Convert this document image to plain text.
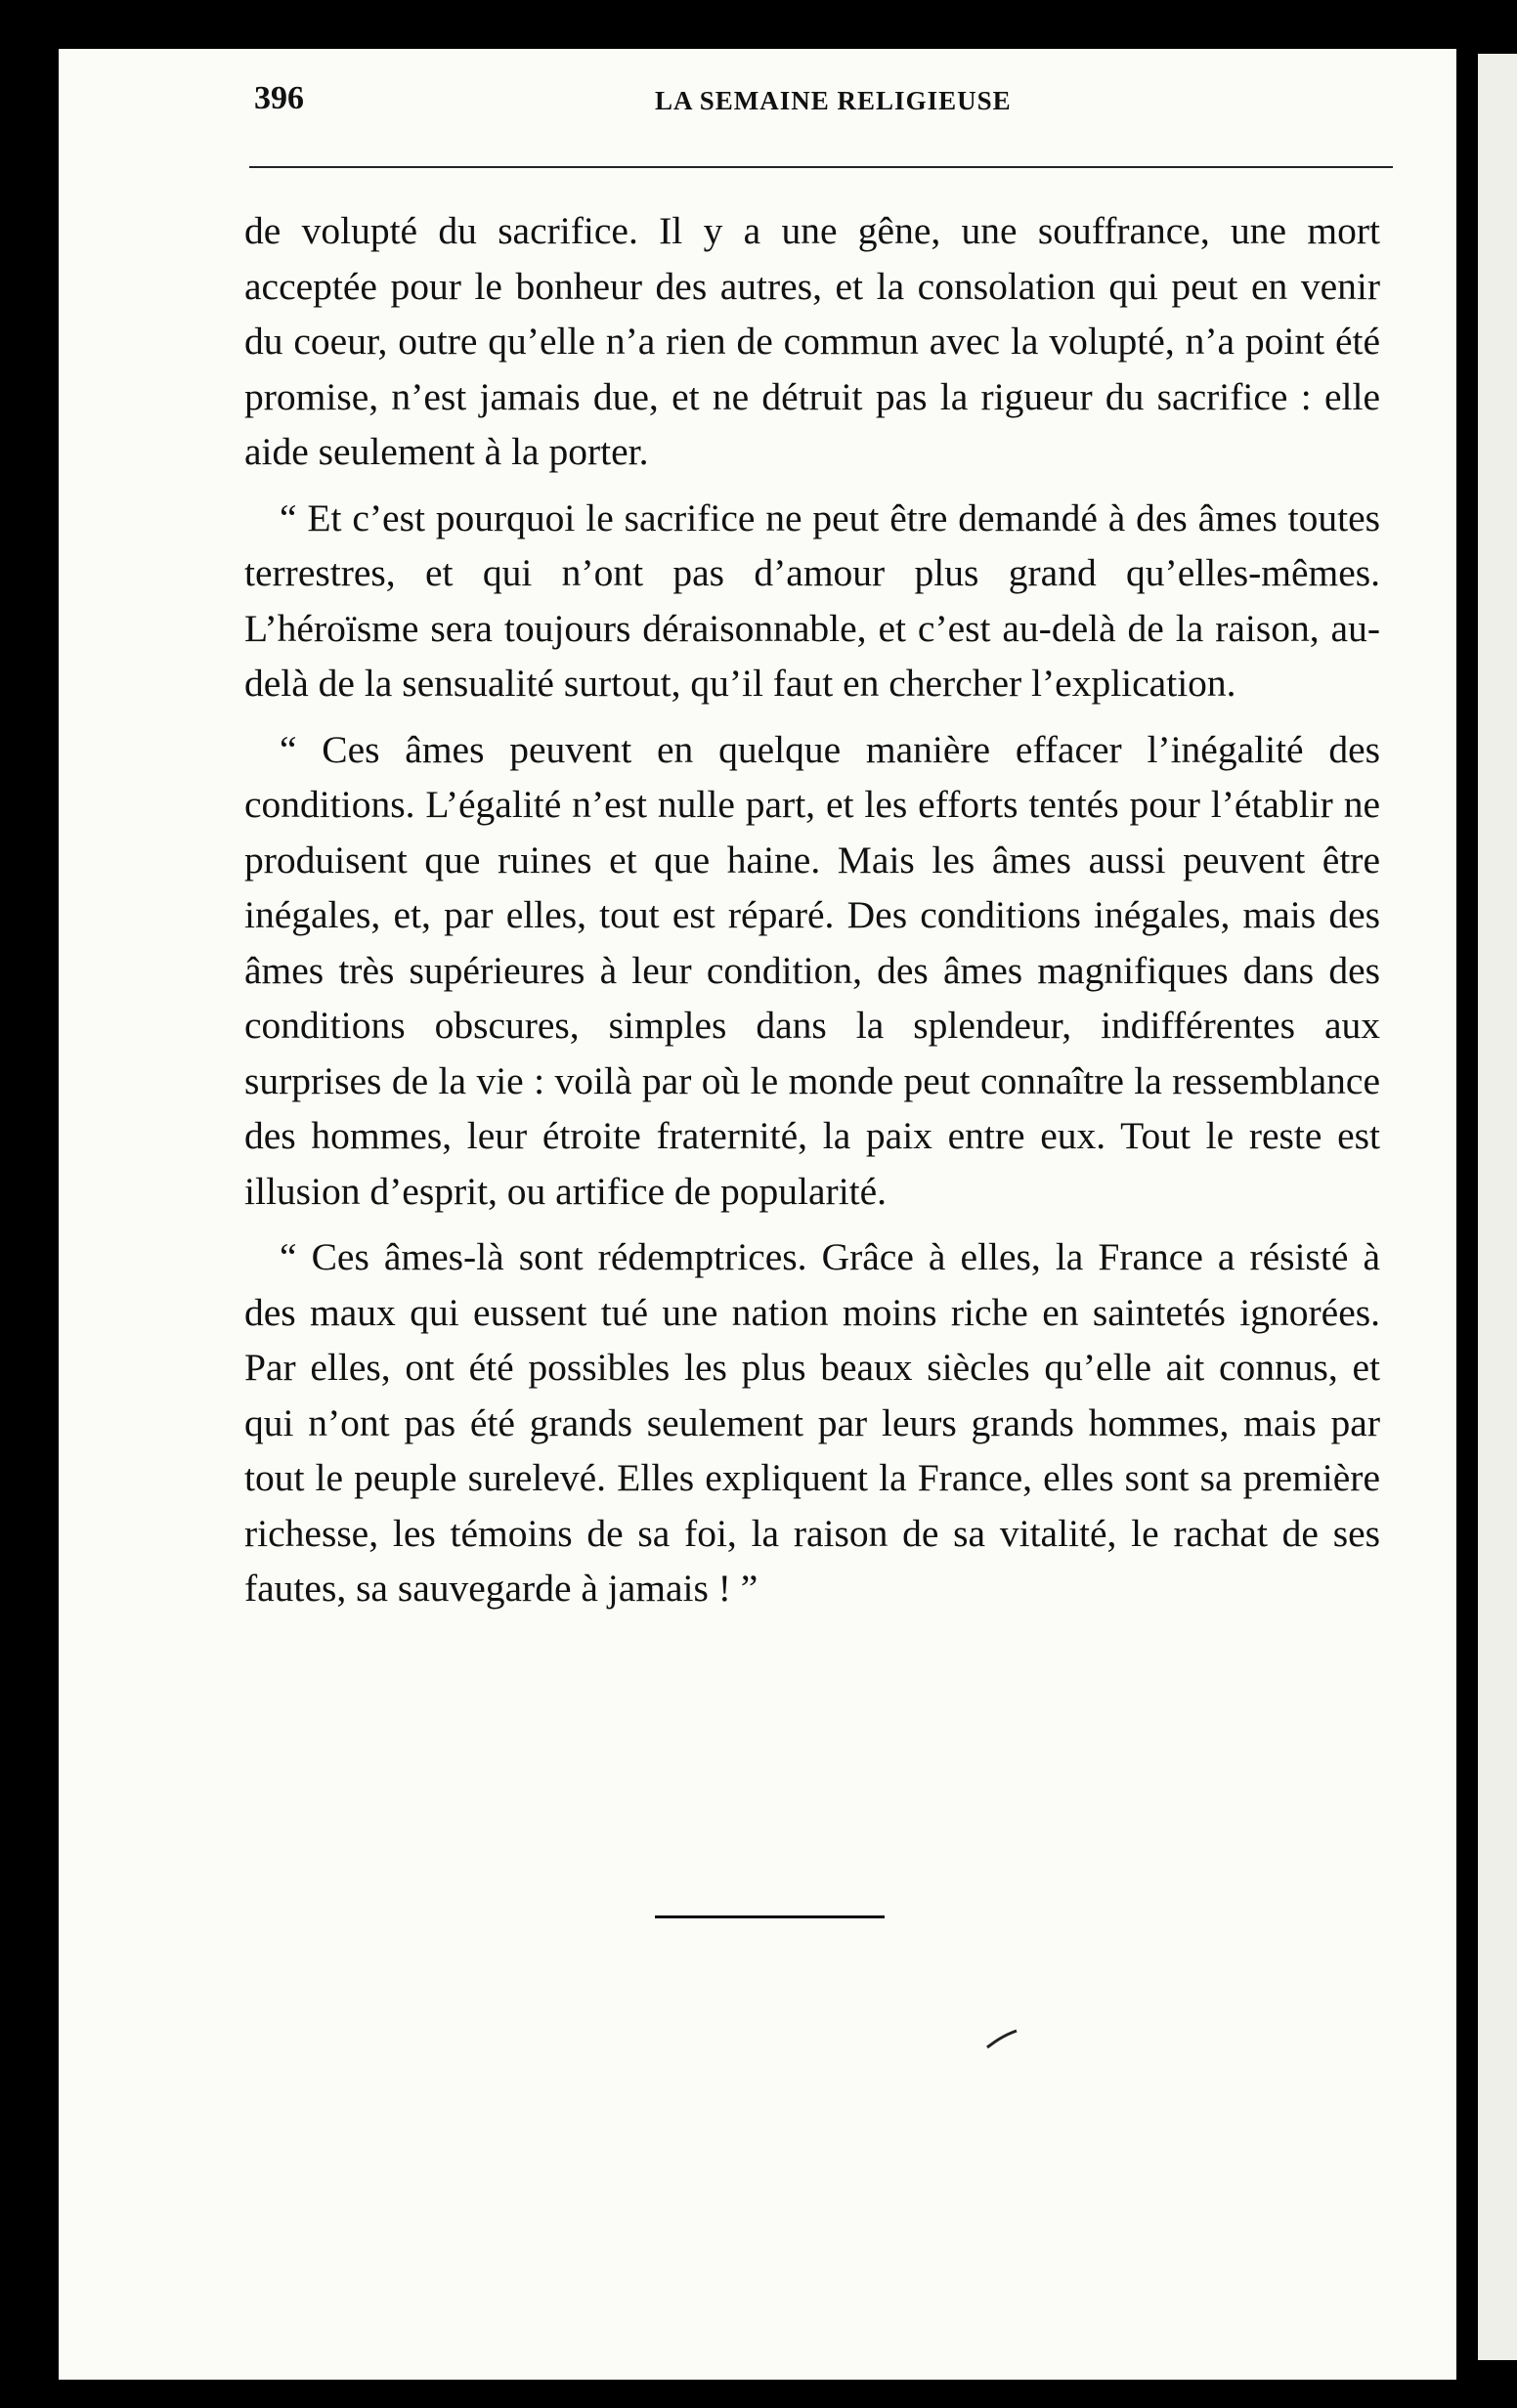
396	LA SEMAINE RELIGIEUSE

de volupté du sacrifice. Il y a une gêne, une souffrance, une mort acceptée pour le bonheur des autres, et la consolation qui peut en venir du coeur, outre qu’elle n’a rien de commun avec la volupté, n’a point été promise, n’est jamais due, et ne détruit pas la rigueur du sacrifice : elle aide seulement à la porter.

“ Et c’est pourquoi le sacrifice ne peut être demandé à des âmes toutes terrestres, et qui n’ont pas d’amour plus grand qu’elles-mêmes. L’héroïsme sera toujours déraisonnable, et c’est au-delà de la raison, au-delà de la sensualité surtout, qu’il faut en chercher l’explication.

“ Ces âmes peuvent en quelque manière effacer l’inégalité des conditions. L’égalité n’est nulle part, et les efforts tentés pour l’établir ne produisent que ruines et que haine. Mais les âmes aussi peuvent être inégales, et, par elles, tout est réparé. Des conditions inégales, mais des âmes très supérieures à leur condition, des âmes magnifiques dans des conditions obscures, simples dans la splendeur, indifférentes aux surprises de la vie : voilà par où le monde peut connaître la ressemblance des hommes, leur étroite fraternité, la paix entre eux. Tout le reste est illusion d’esprit, ou artifice de popularité.

“ Ces âmes-là sont rédemptrices. Grâce à elles, la France a résisté à des maux qui eussent tué une nation moins riche en saintetés ignorées. Par elles, ont été possibles les plus beaux siècles qu’elle ait connus, et qui n’ont pas été grands seulement par leurs grands hommes, mais par tout le peuple surelevé. Elles expliquent la France, elles sont sa première richesse, les témoins de sa foi, la raison de sa vitalité, le rachat de ses fautes, sa sauvegarde à jamais ! ”
